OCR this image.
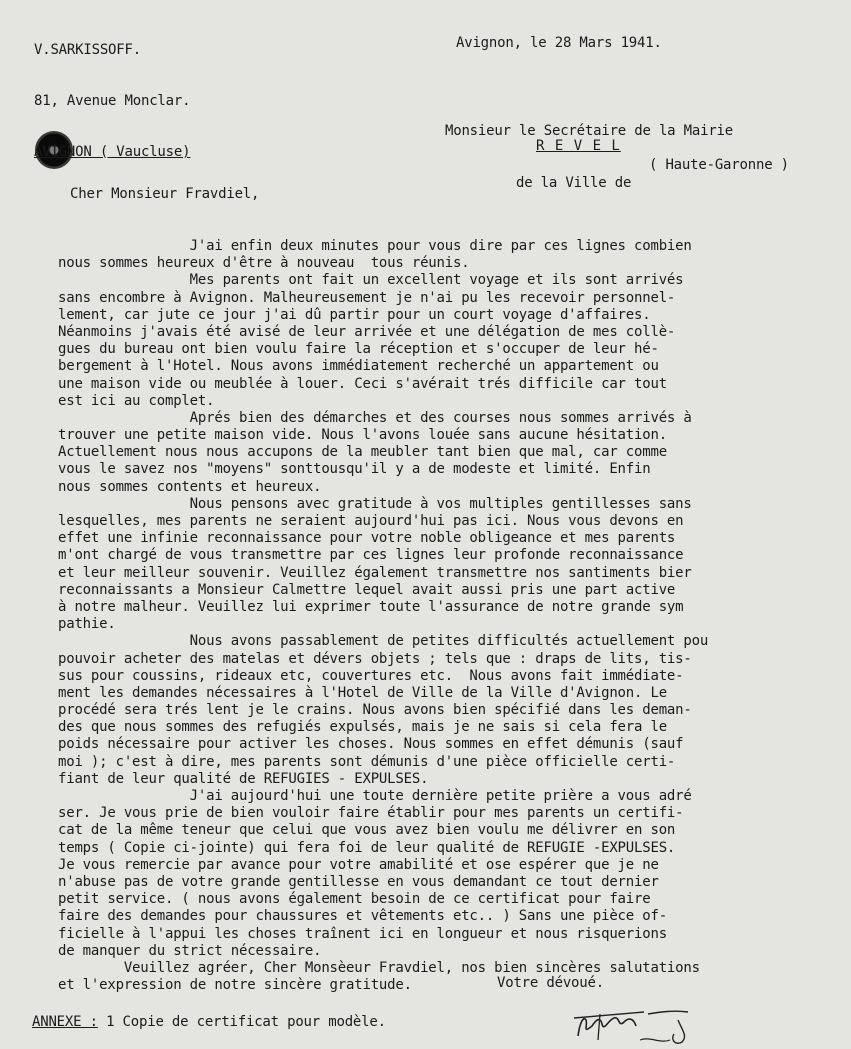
V.SARKISSOFF.

81, Avenue Monclar.

AVIGNON ( Vaucluse)

Avignon, le 28 Mars 1941.

Monsieur le Secrétaire de la Mairie

de la Ville de

R E V E L
( Haute-Garonne )
Cher Monsieur Fravdiel,
J'ai enfin deux minutes pour vous dire par ces lignes combien
nous sommes heureux d'être à nouveau  tous réunis.
Mes parents ont fait un excellent voyage et ils sont arrivés
sans encombre à Avignon. Malheureusement je n'ai pu les recevoir personnel-
lement, car jute ce jour j'ai dû partir pour un court voyage d'affaires.
Néanmoins j'avais été avisé de leur arrivée et une délégation de mes collè-
gues du bureau ont bien voulu faire la réception et s'occuper de leur hé-
bergement à l'Hotel. Nous avons immédiatement recherché un appartement ou
une maison vide ou meublée à louer. Ceci s'avérait trés difficile car tout
est ici au complet.
Aprés bien des démarches et des courses nous sommes arrivés à
trouver une petite maison vide. Nous l'avons louée sans aucune hésitation.
Actuellement nous nous accupons de la meubler tant bien que mal, car comme
vous le savez nos "moyens" sonttousqu'il y a de modeste et limité. Enfin
nous sommes contents et heureux.
Nous pensons avec gratitude à vos multiples gentillesses sans
lesquelles, mes parents ne seraient aujourd'hui pas ici. Nous vous devons en
effet une infinie reconnaissance pour votre noble obligeance et mes parents
m'ont chargé de vous transmettre par ces lignes leur profonde reconnaissance
et leur meilleur souvenir. Veuillez également transmettre nos santiments bier
reconnaissants a Monsieur Calmettre lequel avait aussi pris une part active
à notre malheur. Veuillez lui exprimer toute l'assurance de notre grande sym
pathie.
Nous avons passablement de petites difficultés actuellement pou
pouvoir acheter des matelas et dévers objets ; tels que : draps de lits, tis-
sus pour coussins, rideaux etc, couvertures etc.  Nous avons fait immédiate-
ment les demandes nécessaires à l'Hotel de Ville de la Ville d'Avignon. Le
procédé sera trés lent je le crains. Nous avons bien spécifié dans les deman-
des que nous sommes des refugiés expulsés, mais je ne sais si cela fera le
poids nécessaire pour activer les choses. Nous sommes en effet démunis (sauf
moi ); c'est à dire, mes parents sont démunis d'une pièce officielle certi-
fiant de leur qualité de REFUGIES - EXPULSES.
J'ai aujourd'hui une toute dernière petite prière a vous adré
ser. Je vous prie de bien vouloir faire établir pour mes parents un certifi-
cat de la même teneur que celui que vous avez bien voulu me délivrer en son
temps ( Copie ci-jointe) qui fera foi de leur qualité de REFUGIE -EXPULSES.
Je vous remercie par avance pour votre amabilité et ose espérer que je ne
n'abuse pas de votre grande gentillesse en vous demandant ce tout dernier
petit service. ( nous avons également besoin de ce certificat pour faire
faire des demandes pour chaussures et vêtements etc.. ) Sans une pièce of-
ficielle à l'appui les choses traînent ici en longueur et nous risquerions
de manquer du strict nécessaire.
Veuillez agréer, Cher Monsèeur Fravdiel, nos bien sincères salutations
et l'expression de notre sincère gratitude.	Votre dévoué.
ANNEXE : 1 Copie de certificat pour modèle.
